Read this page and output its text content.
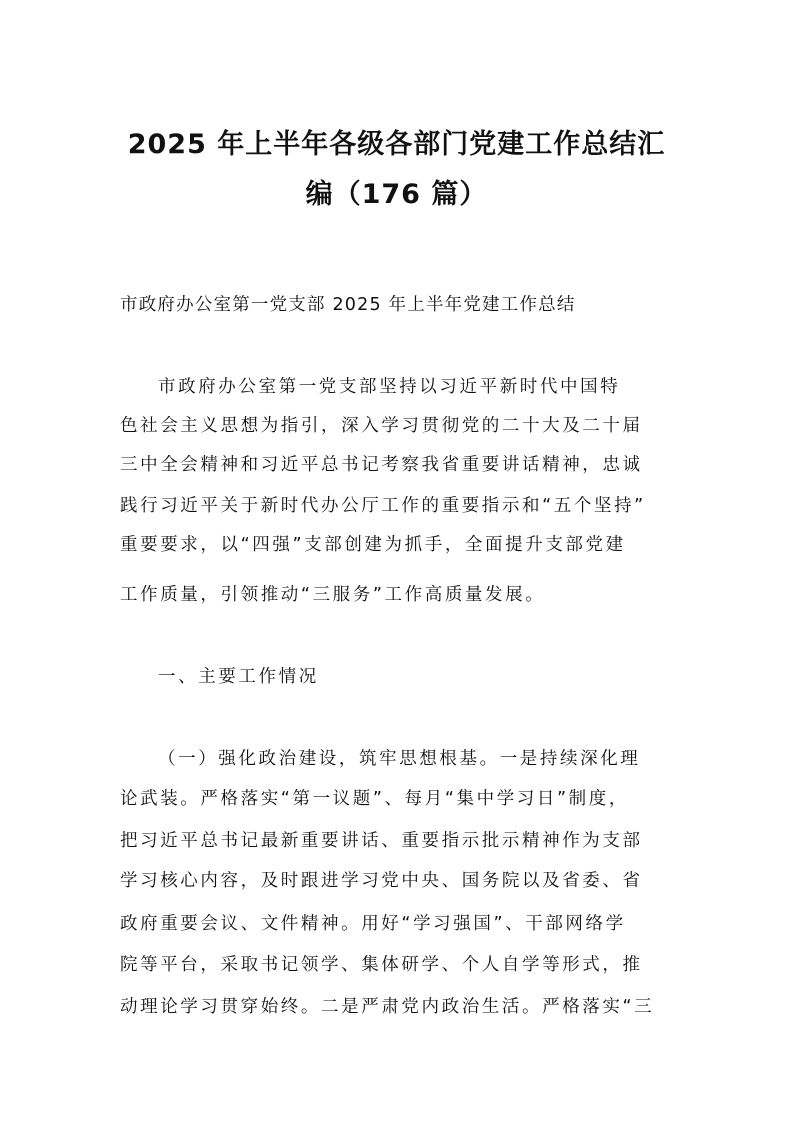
2025 年上半年各级各部门党建工作总结汇
编（176 篇）
市政府办公室第一党支部 2025 年上半年党建工作总结
市政府办公室第一党支部坚持以习近平新时代中国特
色社会主义思想为指引，深入学习贯彻党的二十大及二十届
三中全会精神和习近平总书记考察我省重要讲话精神，忠诚
践行习近平关于新时代办公厅工作的重要指示和“五个坚持”
重要要求，以“四强”支部创建为抓手，全面提升支部党建
工作质量，引领推动“三服务”工作高质量发展。
一、主要工作情况
（一）强化政治建设，筑牢思想根基。一是持续深化理
论武装。严格落实“第一议题”、每月“集中学习日”制度，
把习近平总书记最新重要讲话、重要指示批示精神作为支部
学习核心内容，及时跟进学习党中央、国务院以及省委、省
政府重要会议、文件精神。用好“学习强国”、干部网络学
院等平台，采取书记领学、集体研学、个人自学等形式，推
动理论学习贯穿始终。二是严肃党内政治生活。严格落实“三
